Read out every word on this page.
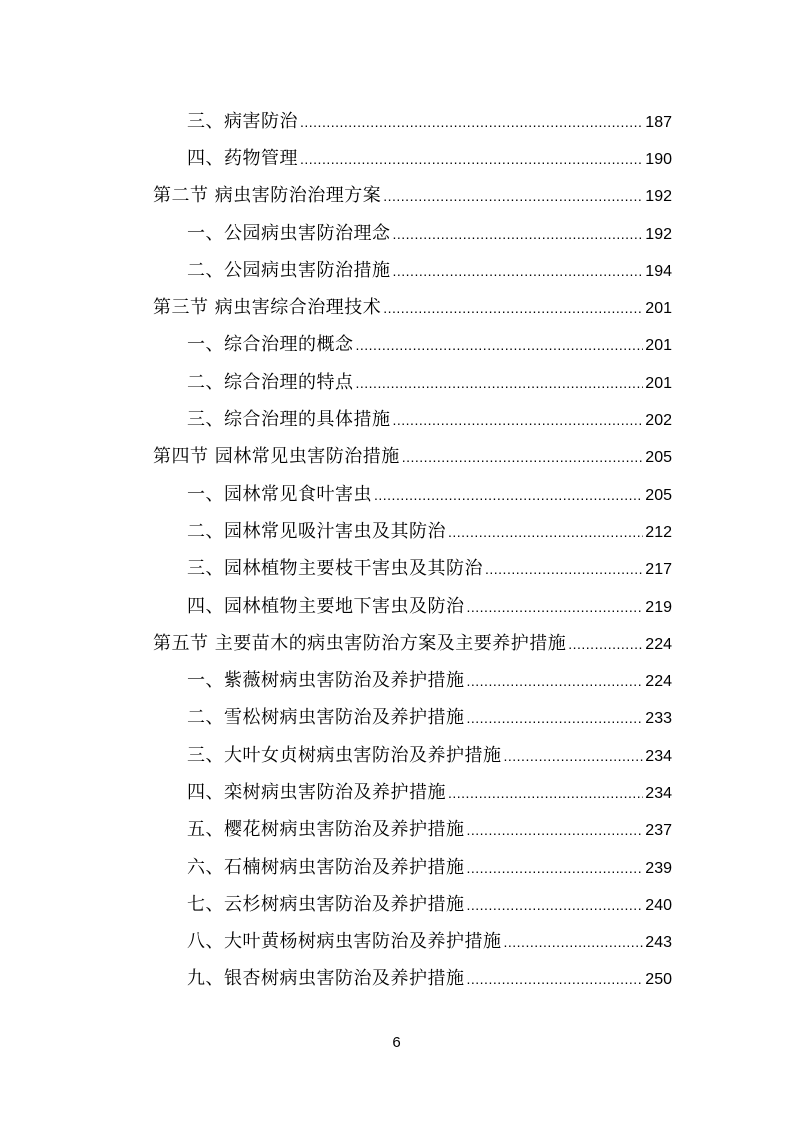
三、病害防治 .....	187
四、药物管理 .....	190
第二节 病虫害防治治理方案 .....	192
一、公园病虫害防治理念 .....	192
二、公园病虫害防治措施 .....	194
第三节 病虫害综合治理技术 .....	201
一、综合治理的概念 .....	201
二、综合治理的特点 .....	201
三、综合治理的具体措施 .....	202
第四节 园林常见虫害防治措施 .....	205
一、园林常见食叶害虫 .....	205
二、园林常见吸汁害虫及其防治 .....	212
三、园林植物主要枝干害虫及其防治 .....	217
四、园林植物主要地下害虫及防治 .....	219
第五节 主要苗木的病虫害防治方案及主要养护措施 .....	224
一、紫薇树病虫害防治及养护措施 .....	224
二、雪松树病虫害防治及养护措施 .....	233
三、大叶女贞树病虫害防治及养护措施 .....	234
四、栾树病虫害防治及养护措施 .....	234
五、樱花树病虫害防治及养护措施 .....	237
六、石楠树病虫害防治及养护措施 .....	239
七、云杉树病虫害防治及养护措施 .....	240
八、大叶黄杨树病虫害防治及养护措施 .....	243
九、银杏树病虫害防治及养护措施 .....	250
6
